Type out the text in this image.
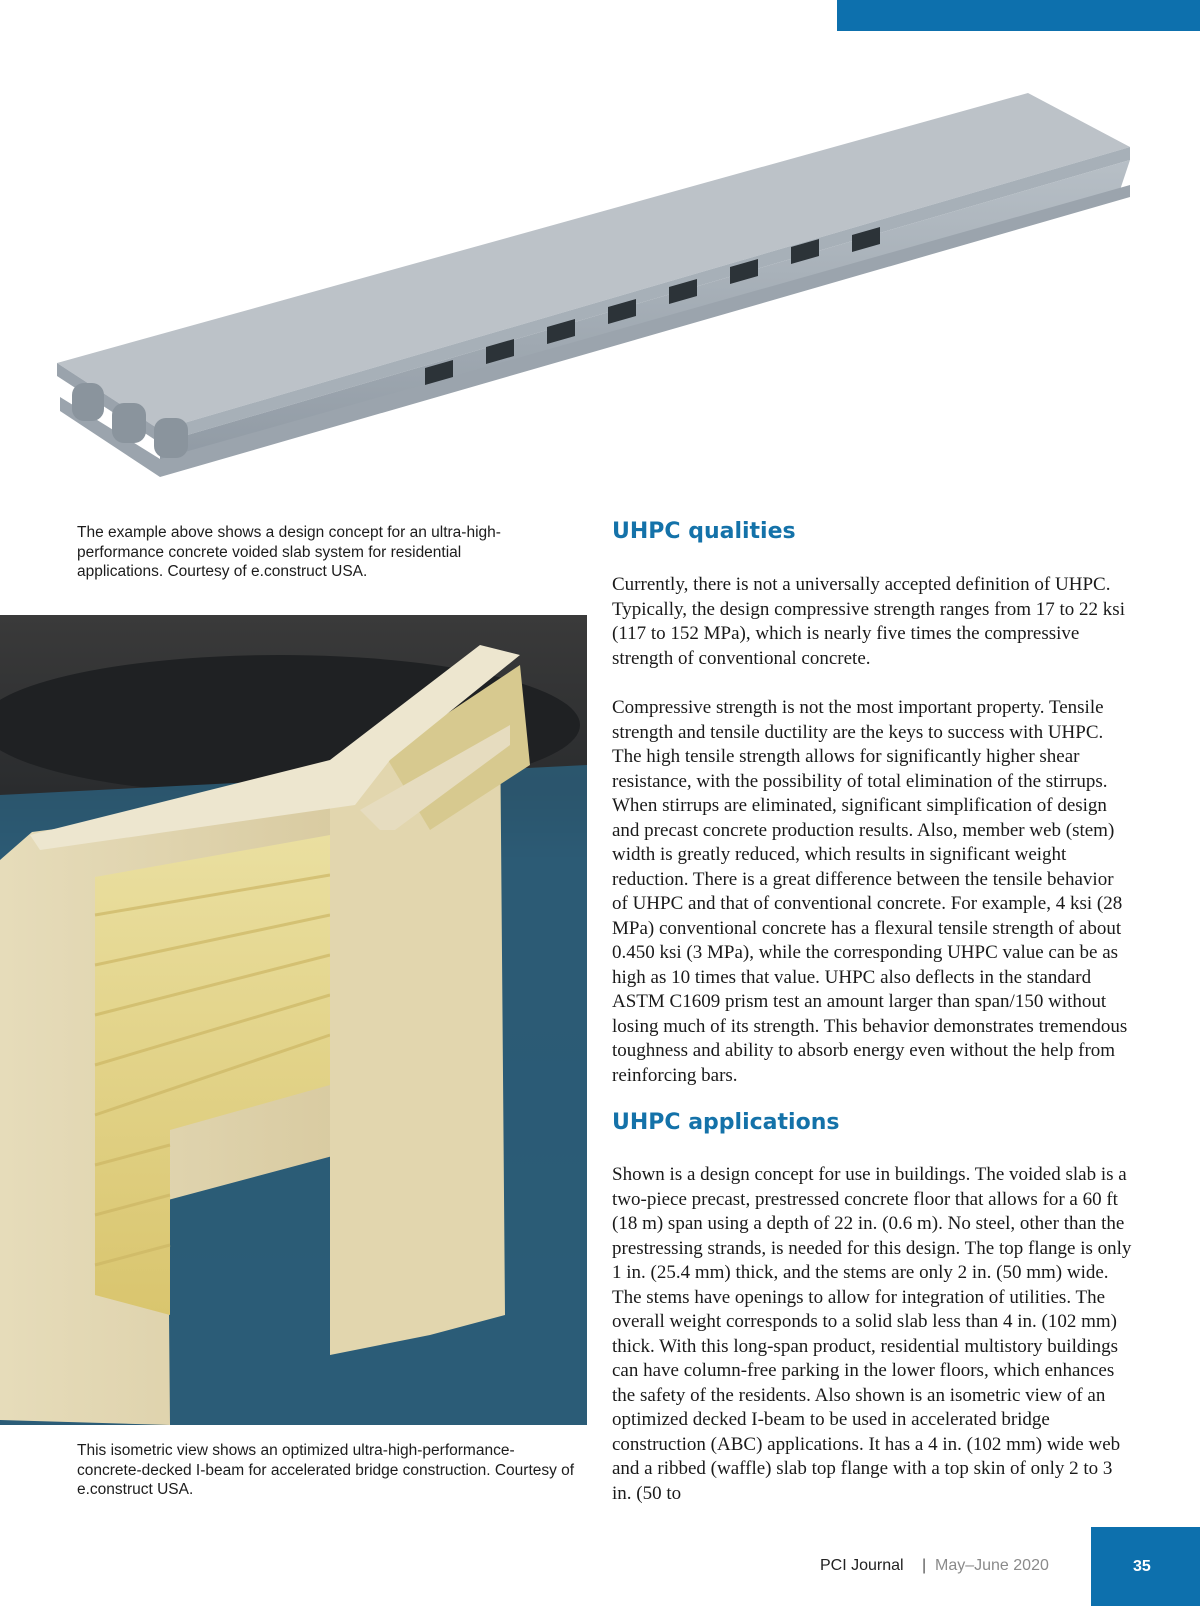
The example above shows a design concept for an ultra-high-performance concrete voided slab system for residential applications. Courtesy of e.construct USA.

This isometric view shows an optimized ultra-high-performance-concrete-decked I-beam for accelerated bridge construction. Courtesy of e.construct USA.

UHPC qualities

Currently, there is not a universally accepted definition of UHPC. Typically, the design compressive strength ranges from 17 to 22 ksi (117 to 152 MPa), which is nearly five times the compressive strength of conventional concrete.

Compressive strength is not the most important property. Tensile strength and tensile ductility are the keys to success with UHPC. The high tensile strength allows for significantly higher shear resistance, with the possibility of total elimination of the stirrups. When stirrups are eliminated, significant simplification of design and precast concrete production results. Also, member web (stem) width is greatly reduced, which results in significant weight reduction. There is a great difference between the tensile behavior of UHPC and that of conventional concrete. For example, 4 ksi (28 MPa) conventional concrete has a flexural tensile strength of about 0.450 ksi (3 MPa), while the corresponding UHPC value can be as high as 10 times that value. UHPC also deflects in the standard ASTM C1609 prism test an amount larger than span/150 without losing much of its strength. This behavior demonstrates tremendous toughness and ability to absorb energy even without the help from reinforcing bars.

UHPC applications

Shown is a design concept for use in buildings. The voided slab is a two-piece precast, prestressed concrete floor that allows for a 60 ft (18 m) span using a depth of 22 in. (0.6 m). No steel, other than the prestressing strands, is needed for this design. The top flange is only 1 in. (25.4 mm) thick, and the stems are only 2 in. (50 mm) wide. The stems have openings to allow for integration of utilities. The overall weight corresponds to a solid slab less than 4 in. (102 mm) thick. With this long-span product, residential multistory buildings can have column-free parking in the lower floors, which enhances the safety of the residents. Also shown is an isometric view of an optimized decked I-beam to be used in accelerated bridge construction (ABC) applications. It has a 4 in. (102 mm) wide web and a ribbed (waffle) slab top flange with a top skin of only 2 to 3 in. (50 to

PCI Journal | May–June 2020	35
